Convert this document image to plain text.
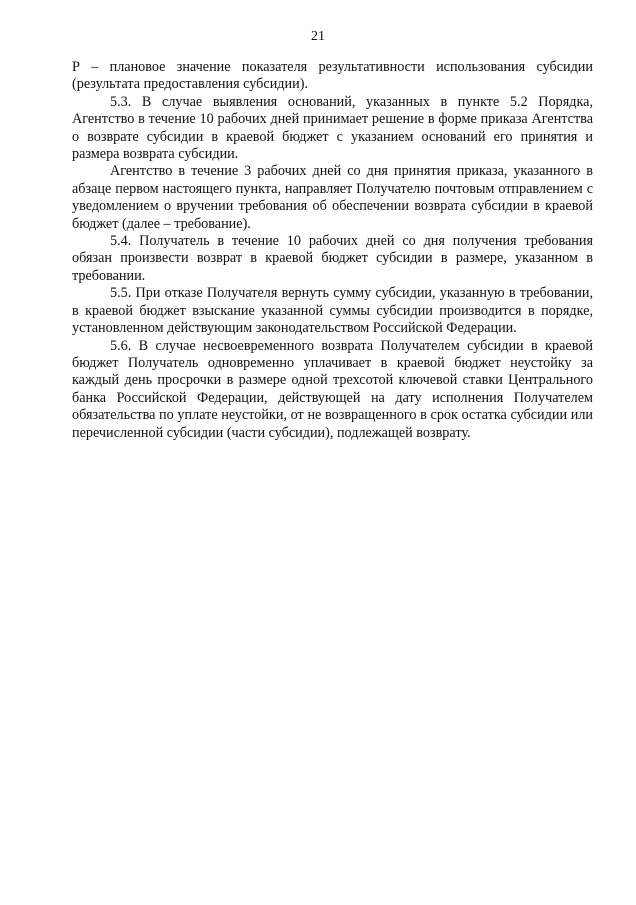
21

Р – плановое значение показателя результативности использования субсидии (результата предоставления субсидии).

5.3. В случае выявления оснований, указанных в пункте 5.2 Порядка, Агентство в течение 10 рабочих дней принимает решение в форме приказа Агентства о возврате субсидии в краевой бюджет с указанием оснований его принятия и размера возврата субсидии.

Агентство в течение 3 рабочих дней со дня принятия приказа, указанного в абзаце первом настоящего пункта, направляет Получателю почтовым отправлением с уведомлением о вручении требования об обеспечении возврата субсидии в краевой бюджет (далее – требование).

5.4. Получатель в течение 10 рабочих дней со дня получения требования обязан произвести возврат в краевой бюджет субсидии в размере, указанном в требовании.

5.5. При отказе Получателя вернуть сумму субсидии, указанную в требовании, в краевой бюджет взыскание указанной суммы субсидии производится в порядке, установленном действующим законодательством Российской Федерации.

5.6. В случае несвоевременного возврата Получателем субсидии в краевой бюджет Получатель одновременно уплачивает в краевой бюджет неустойку за каждый день просрочки в размере одной трехсотой ключевой ставки Центрального банка Российской Федерации, действующей на дату исполнения Получателем обязательства по уплате неустойки, от не возвращенного в срок остатка субсидии или перечисленной субсидии (части субсидии), подлежащей возврату.
